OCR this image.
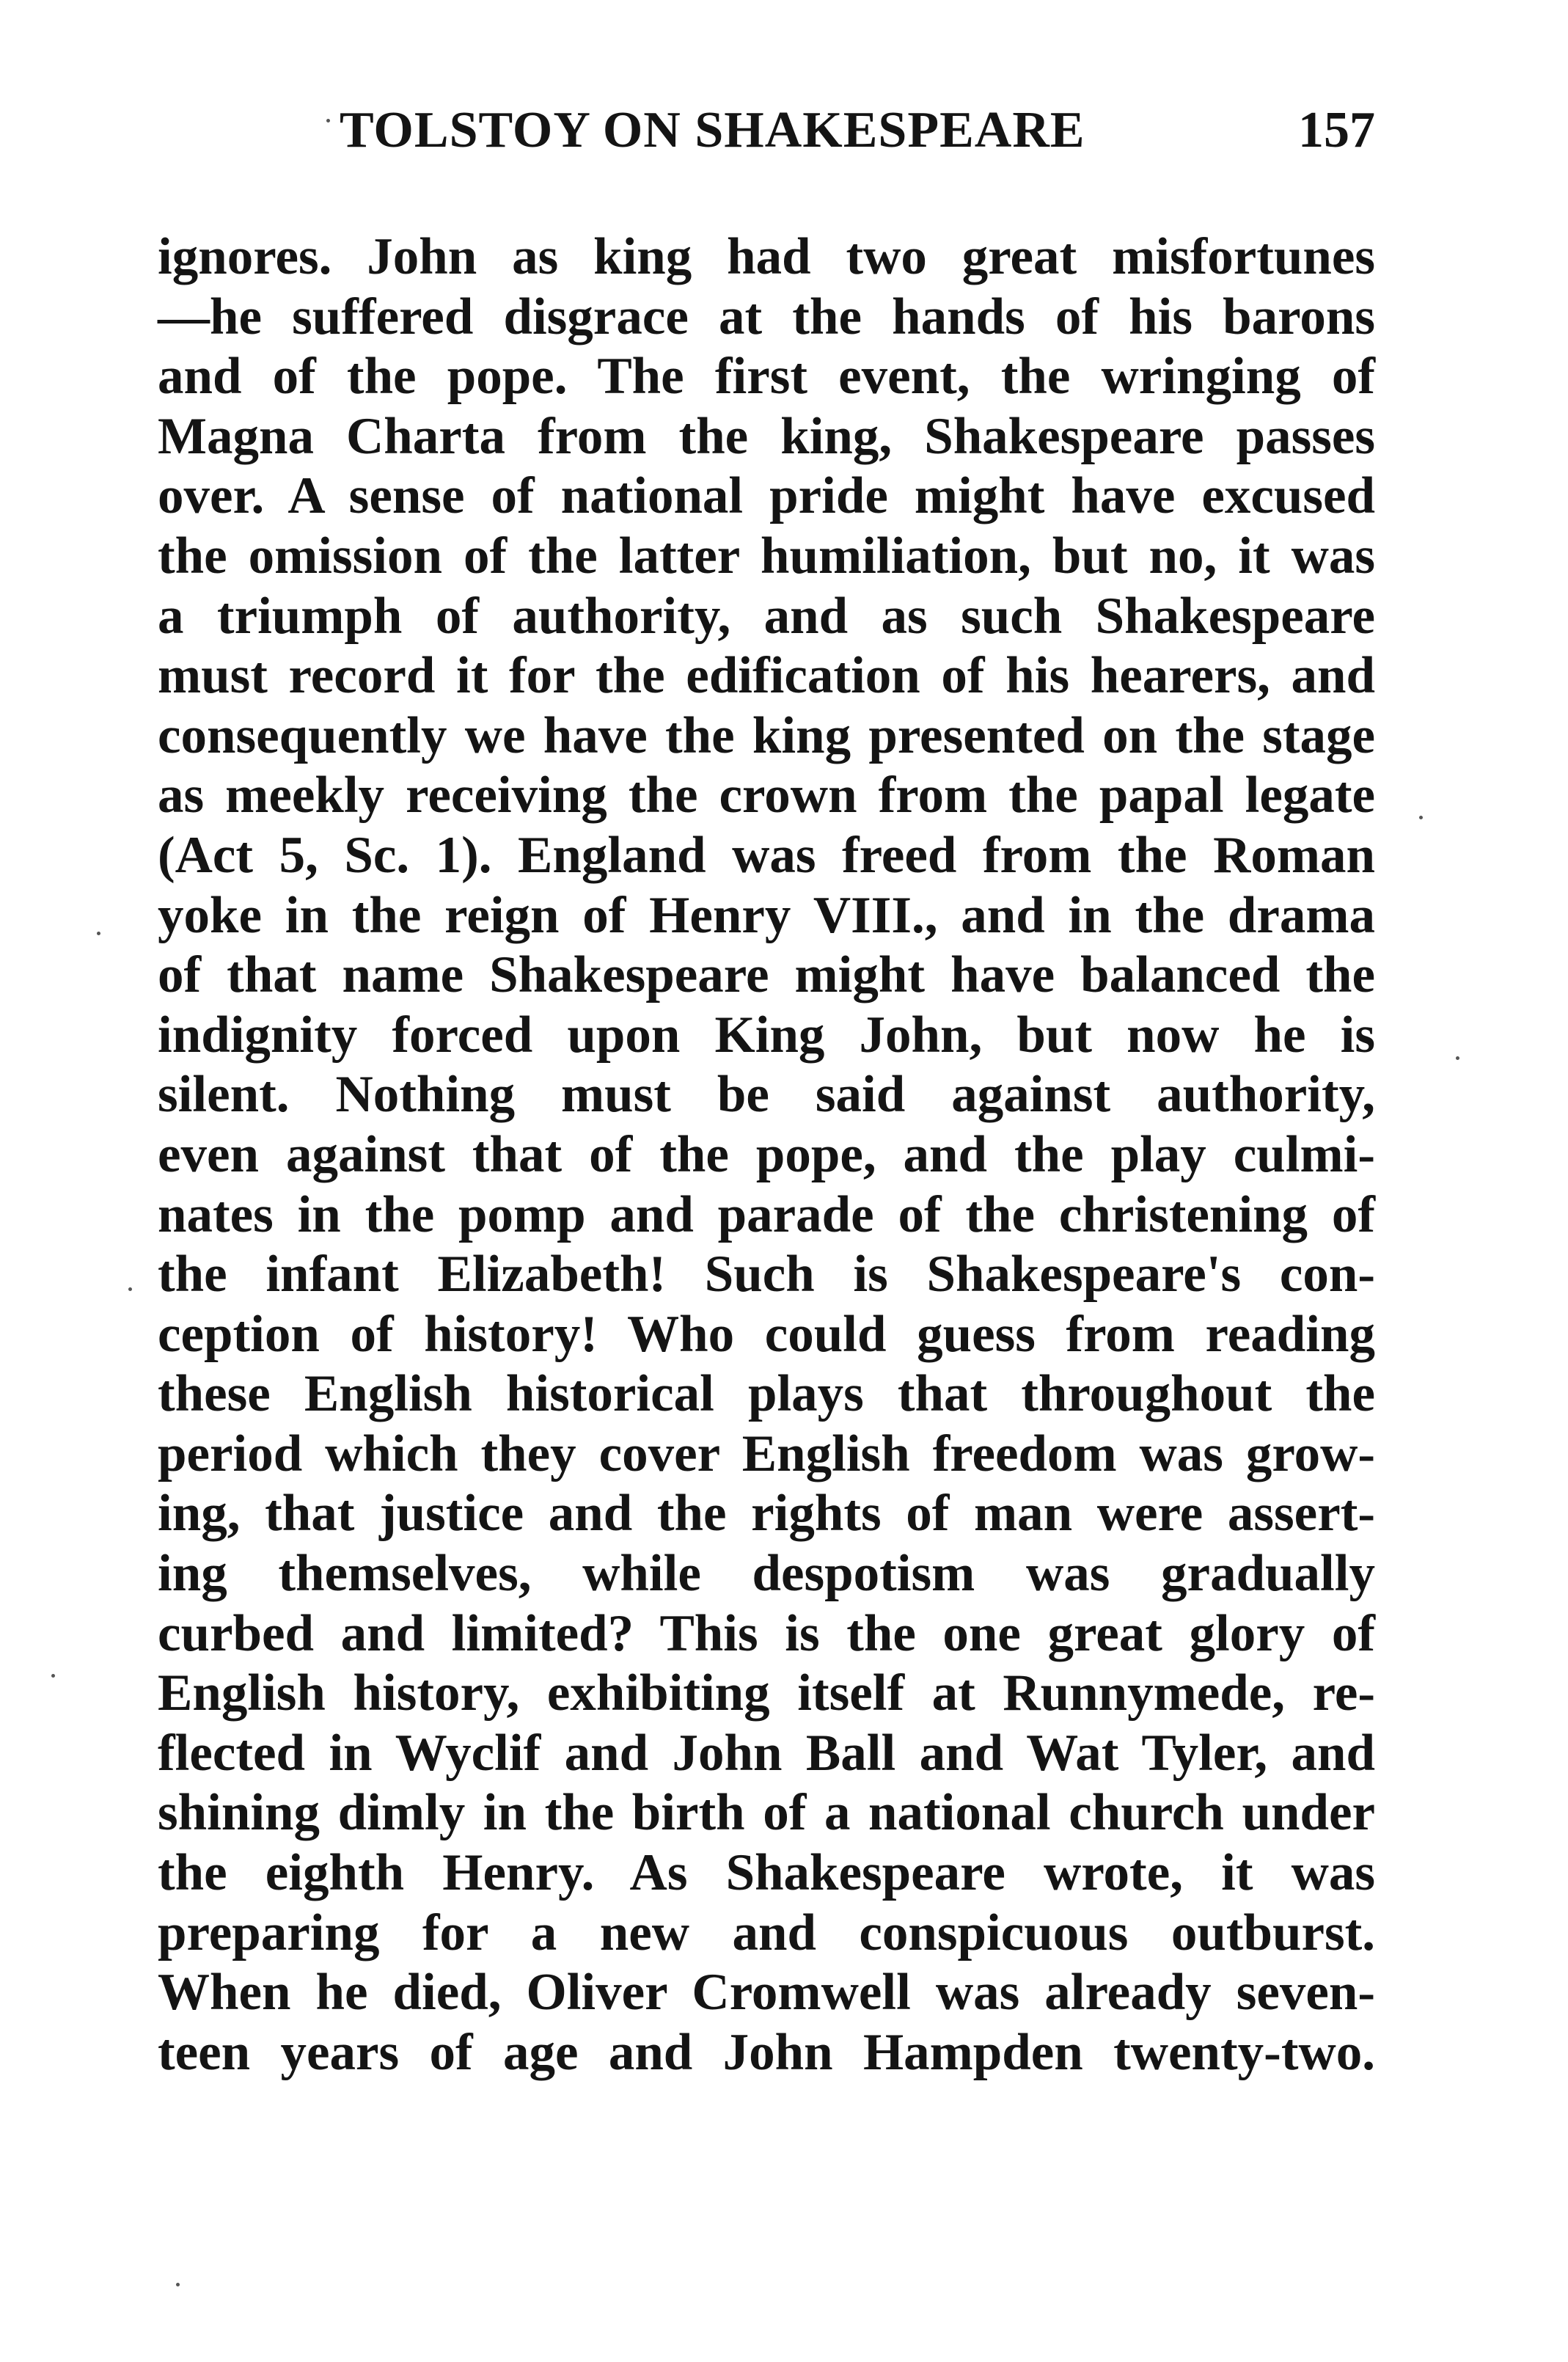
TOLSTOY ON SHAKESPEARE	157
ignores. John as king had two great misfortunes
—he suffered disgrace at the hands of his barons
and of the pope. The first event, the wringing of
Magna Charta from the king, Shakespeare passes
over. A sense of national pride might have excused
the omission of the latter humiliation, but no, it was
a triumph of authority, and as such Shakespeare
must record it for the edification of his hearers, and
consequently we have the king presented on the stage
as meekly receiving the crown from the papal legate
(Act 5, Sc. 1). England was freed from the Roman
yoke in the reign of Henry VIII., and in the drama
of that name Shakespeare might have balanced the
indignity forced upon King John, but now he is
silent. Nothing must be said against authority,
even against that of the pope, and the play culmi-
nates in the pomp and parade of the christening of
the infant Elizabeth! Such is Shakespeare's con-
ception of history! Who could guess from reading
these English historical plays that throughout the
period which they cover English freedom was grow-
ing, that justice and the rights of man were assert-
ing themselves, while despotism was gradually
curbed and limited? This is the one great glory of
English history, exhibiting itself at Runnymede, re-
flected in Wyclif and John Ball and Wat Tyler, and
shining dimly in the birth of a national church under
the eighth Henry. As Shakespeare wrote, it was
preparing for a new and conspicuous outburst.
When he died, Oliver Cromwell was already seven-
teen years of age and John Hampden twenty-two.
